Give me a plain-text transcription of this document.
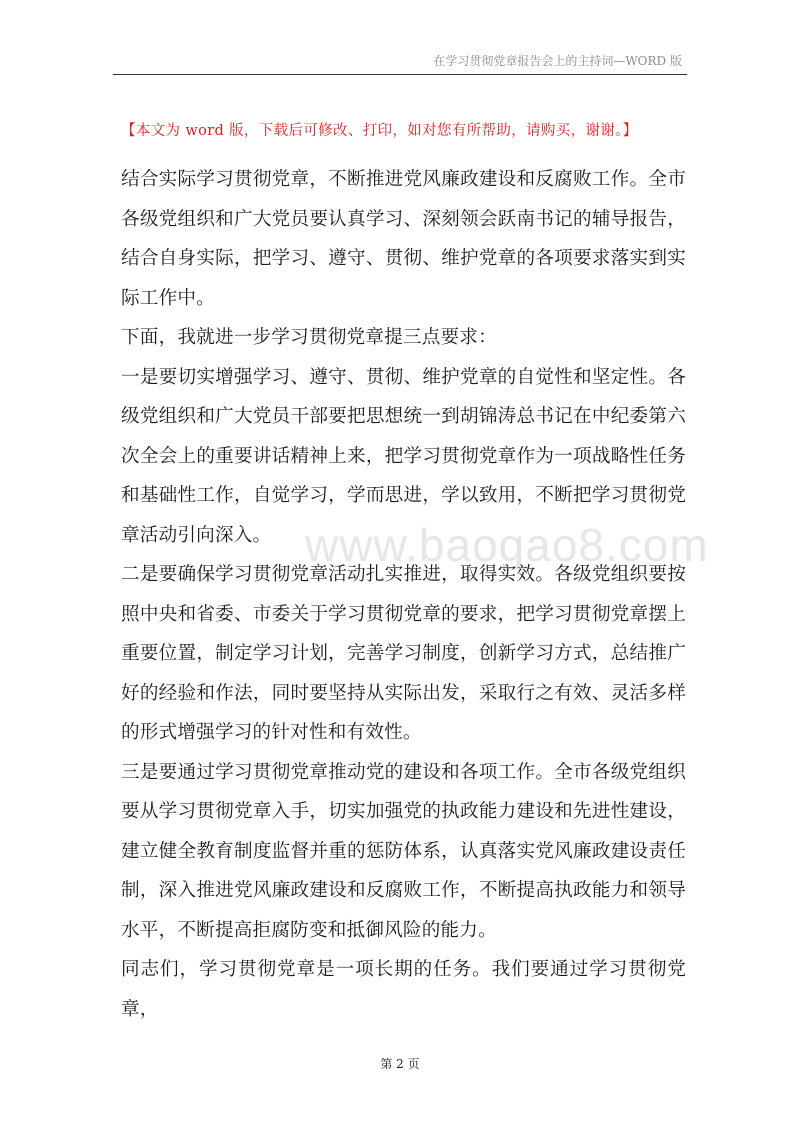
在学习贯彻党章报告会上的主持词—WORD 版
【本文为 word 版，下载后可修改、打印，如对您有所帮助，请购买，谢谢。】
www.baogao8.com

结合实际学习贯彻党章，不断推进党风廉政建设和反腐败工作。全市各级党组织和广大党员要认真学习、深刻领会跃南书记的辅导报告，结合自身实际，把学习、遵守、贯彻、维护党章的各项要求落实到实际工作中。

下面，我就进一步学习贯彻党章提三点要求：

一是要切实增强学习、遵守、贯彻、维护党章的自觉性和坚定性。各级党组织和广大党员干部要把思想统一到胡锦涛总书记在中纪委第六次全会上的重要讲话精神上来，把学习贯彻党章作为一项战略性任务和基础性工作，自觉学习，学而思进，学以致用，不断把学习贯彻党章活动引向深入。

二是要确保学习贯彻党章活动扎实推进，取得实效。各级党组织要按照中央和省委、市委关于学习贯彻党章的要求，把学习贯彻党章摆上重要位置，制定学习计划，完善学习制度，创新学习方式，总结推广好的经验和作法，同时要坚持从实际出发，采取行之有效、灵活多样的形式增强学习的针对性和有效性。

三是要通过学习贯彻党章推动党的建设和各项工作。全市各级党组织要从学习贯彻党章入手，切实加强党的执政能力建设和先进性建设，建立健全教育制度监督并重的惩防体系，认真落实党风廉政建设责任制，深入推进党风廉政建设和反腐败工作，不断提高执政能力和领导水平，不断提高拒腐防变和抵御风险的能力。

同志们，学习贯彻党章是一项长期的任务。我们要通过学习贯彻党章，

第 2 页
